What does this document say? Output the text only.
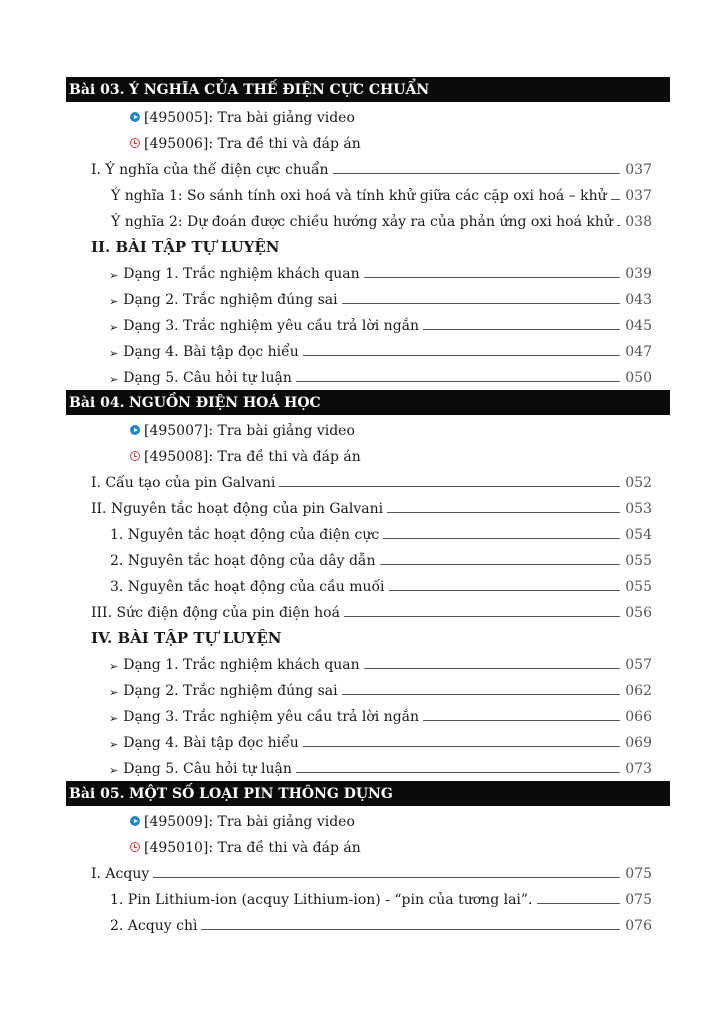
Bài 03. Ý NGHĨA CỦA THẾ ĐIỆN CỰC CHUẨN
[495005]: Tra bài giảng video
[495006]: Tra đề thi và đáp án
I. Ý nghĩa của thế điện cực chuẩn	037
Ý nghĩa 1: So sánh tính oxi hoá và tính khử giữa các cặp oxi hoá – khử 037
Ý nghĩa 2: Dự đoán được chiều hướng xảy ra của phản ứng oxi hoá khử 038
II. BÀI TẬP TỰ LUYỆN
➢ Dạng 1. Trắc nghiệm khách quan	039
➢ Dạng 2. Trắc nghiệm đúng sai	043
➢ Dạng 3. Trắc nghiệm yêu cầu trả lời ngắn	045
➢ Dạng 4. Bài tập đọc hiểu	047
➢ Dạng 5. Câu hỏi tự luận	050
Bài 04. NGUỒN ĐIỆN HOÁ HỌC
[495007]: Tra bài giảng video
[495008]: Tra đề thi và đáp án
I. Cấu tạo của pin Galvani	052
II. Nguyên tắc hoạt động của pin Galvani	053
1. Nguyên tắc hoạt động của điện cực	054
2. Nguyên tắc hoạt động của dây dẫn	055
3. Nguyên tắc hoạt động của cầu muối	055
III. Sức điện động của pin điện hoá	056
IV. BÀI TẬP TỰ LUYỆN
➢ Dạng 1. Trắc nghiệm khách quan	057
➢ Dạng 2. Trắc nghiệm đúng sai	062
➢ Dạng 3. Trắc nghiệm yêu cầu trả lời ngắn	066
➢ Dạng 4. Bài tập đọc hiểu	069
➢ Dạng 5. Câu hỏi tự luận	073
Bài 05. MỘT SỐ LOẠI PIN THÔNG DỤNG
[495009]: Tra bài giảng video
[495010]: Tra đề thi và đáp án
I. Acquy	075
1. Pin Lithium-ion (acquy Lithium-ion) - “pin của tương lai”.	075
2. Acquy chì	076
